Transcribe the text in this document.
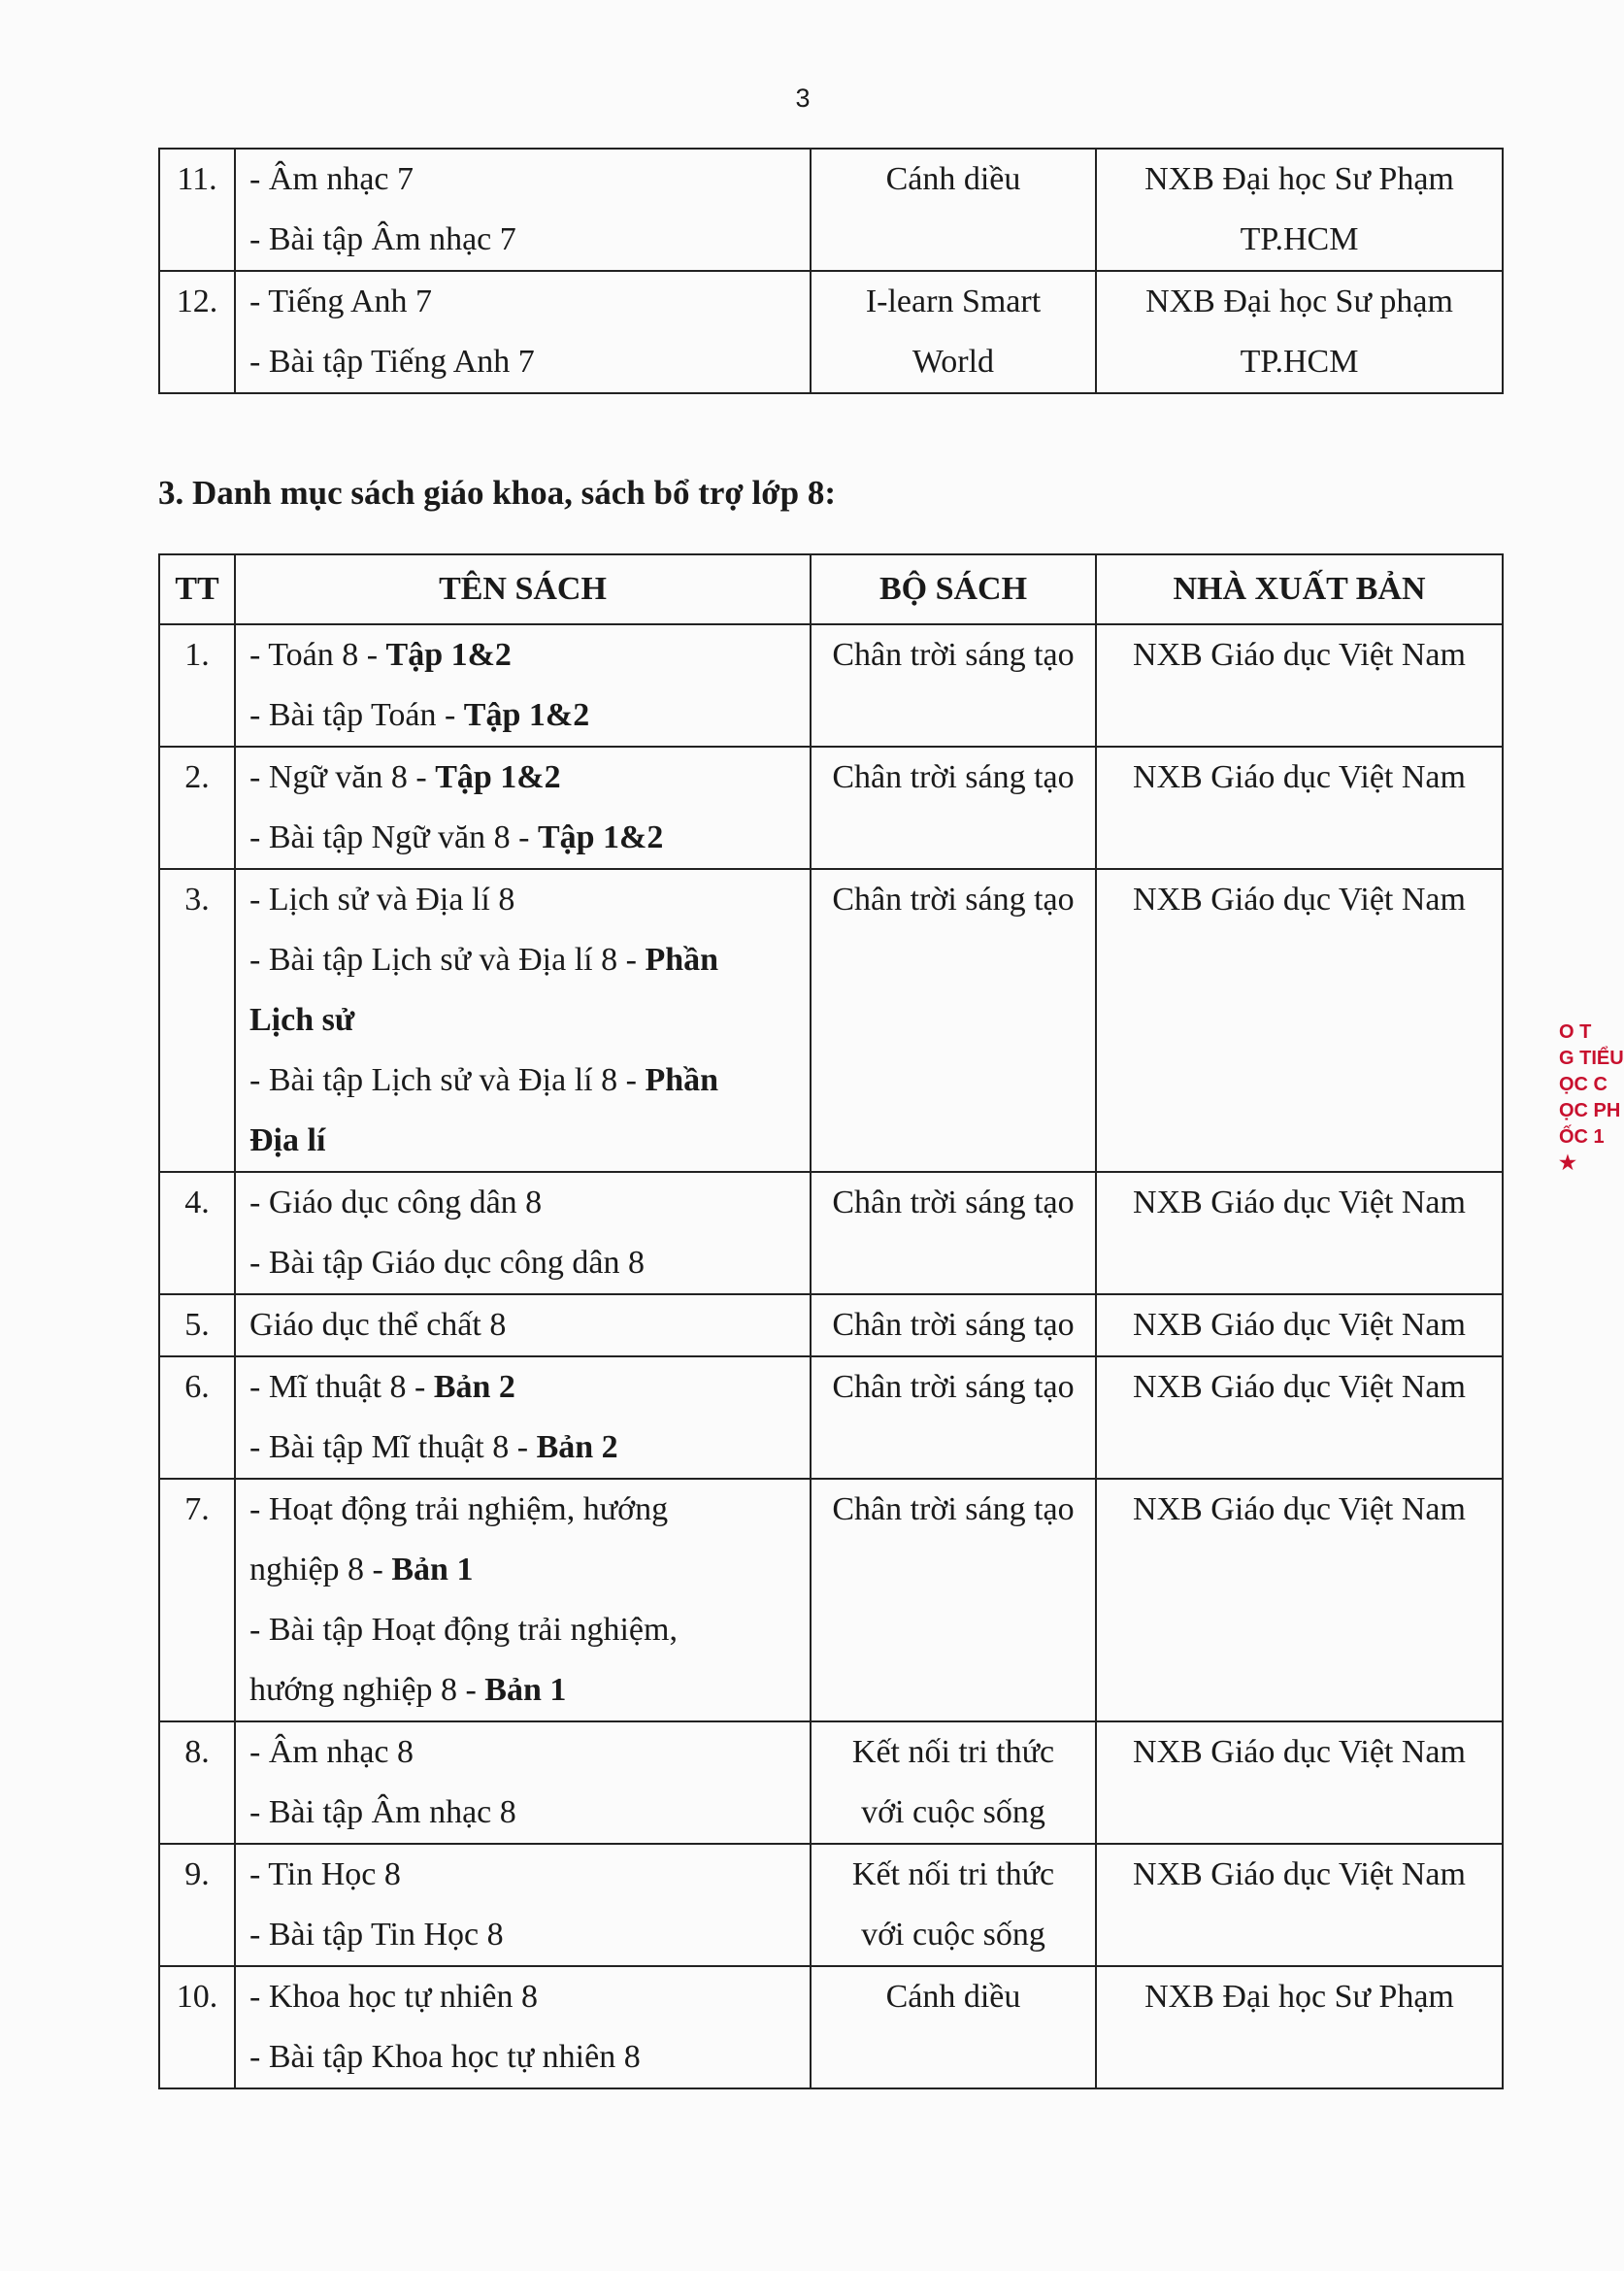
3
11.	- Âm nhạc 7
- Bài tập Âm nhạc 7	Cánh diều	NXB Đại học Sư Phạm
TP.HCM

12.	- Tiếng Anh 7
- Bài tập Tiếng Anh 7	I-learn Smart
World	NXB Đại học Sư phạm
TP.HCM
3. Danh mục sách giáo khoa, sách bổ trợ lớp 8:
TT	TÊN SÁCH	BỘ SÁCH	NHÀ XUẤT BẢN
1.	- Toán 8 - Tập 1&2
- Bài tập Toán - Tập 1&2	Chân trời sáng tạo	NXB Giáo dục Việt Nam

2.	- Ngữ văn 8 - Tập 1&2
- Bài tập Ngữ văn 8 - Tập 1&2	Chân trời sáng tạo	NXB Giáo dục Việt Nam

3.	- Lịch sử và Địa lí 8
- Bài tập Lịch sử và Địa lí 8 - Phần
Lịch sử
- Bài tập Lịch sử và Địa lí 8 - Phần
Địa lí	Chân trời sáng tạo	NXB Giáo dục Việt Nam

4.	- Giáo dục công dân 8
- Bài tập Giáo dục công dân 8	Chân trời sáng tạo	NXB Giáo dục Việt Nam

5.	Giáo dục thể chất 8	Chân trời sáng tạo	NXB Giáo dục Việt Nam

6.	- Mĩ thuật 8 - Bản 2
- Bài tập Mĩ thuật 8 - Bản 2	Chân trời sáng tạo	NXB Giáo dục Việt Nam

7.	- Hoạt động trải nghiệm, hướng
nghiệp 8 - Bản 1
- Bài tập Hoạt động trải nghiệm,
hướng nghiệp 8 - Bản 1	Chân trời sáng tạo	NXB Giáo dục Việt Nam

8.	- Âm nhạc 8
- Bài tập Âm nhạc 8	Kết nối tri thức
với cuộc sống	NXB Giáo dục Việt Nam

9.	- Tin Học 8
- Bài tập Tin Học 8	Kết nối tri thức
với cuộc sống	NXB Giáo dục Việt Nam

10.	- Khoa học tự nhiên 8
- Bài tập Khoa học tự nhiên 8	Cánh diều	NXB Đại học Sư Phạm
O T
G TIỂU
ỌC C
ỌC PH
ỐC 1
★
